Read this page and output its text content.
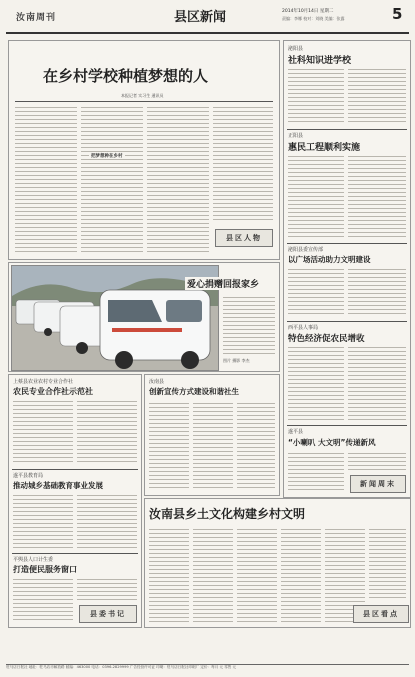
汝南周刊	县区新闻	2014年10月14日 星期二
责编：李娜 校对：刘晓 美编：张露	5
在乡村学校种植梦想的人
本报记者 实习生 通讯员
把梦想种在乡村
县区人物
爱心捐赠回报家乡
图片 摄影 李杰
泌阳县
社科知识进学校
正阳县
惠民工程顺利实施
泌阳县委宣传部
以广场活动助力文明建设
西平县人事局
特色经济促农民增收
遂平县
“小喇叭 大文明”传递新风
新闻周末
上蔡县农业农村专业合作社
农民专业合作社示范社
遂平县教育局
推动城乡基础教育事业发展
平舆县人口计生委
打造便民服务窗口
县委书记
汝南县
创新宣传方式建设和谐社生
汝南县乡土文化构建乡村文明
县区看点
驻马店日报社 地址：驻马店市解放路 邮编：463000 电话：0396-2829999 广告经营许可证 印刷：驻马店日报社印刷厂 定价：每月 元 零售 元
